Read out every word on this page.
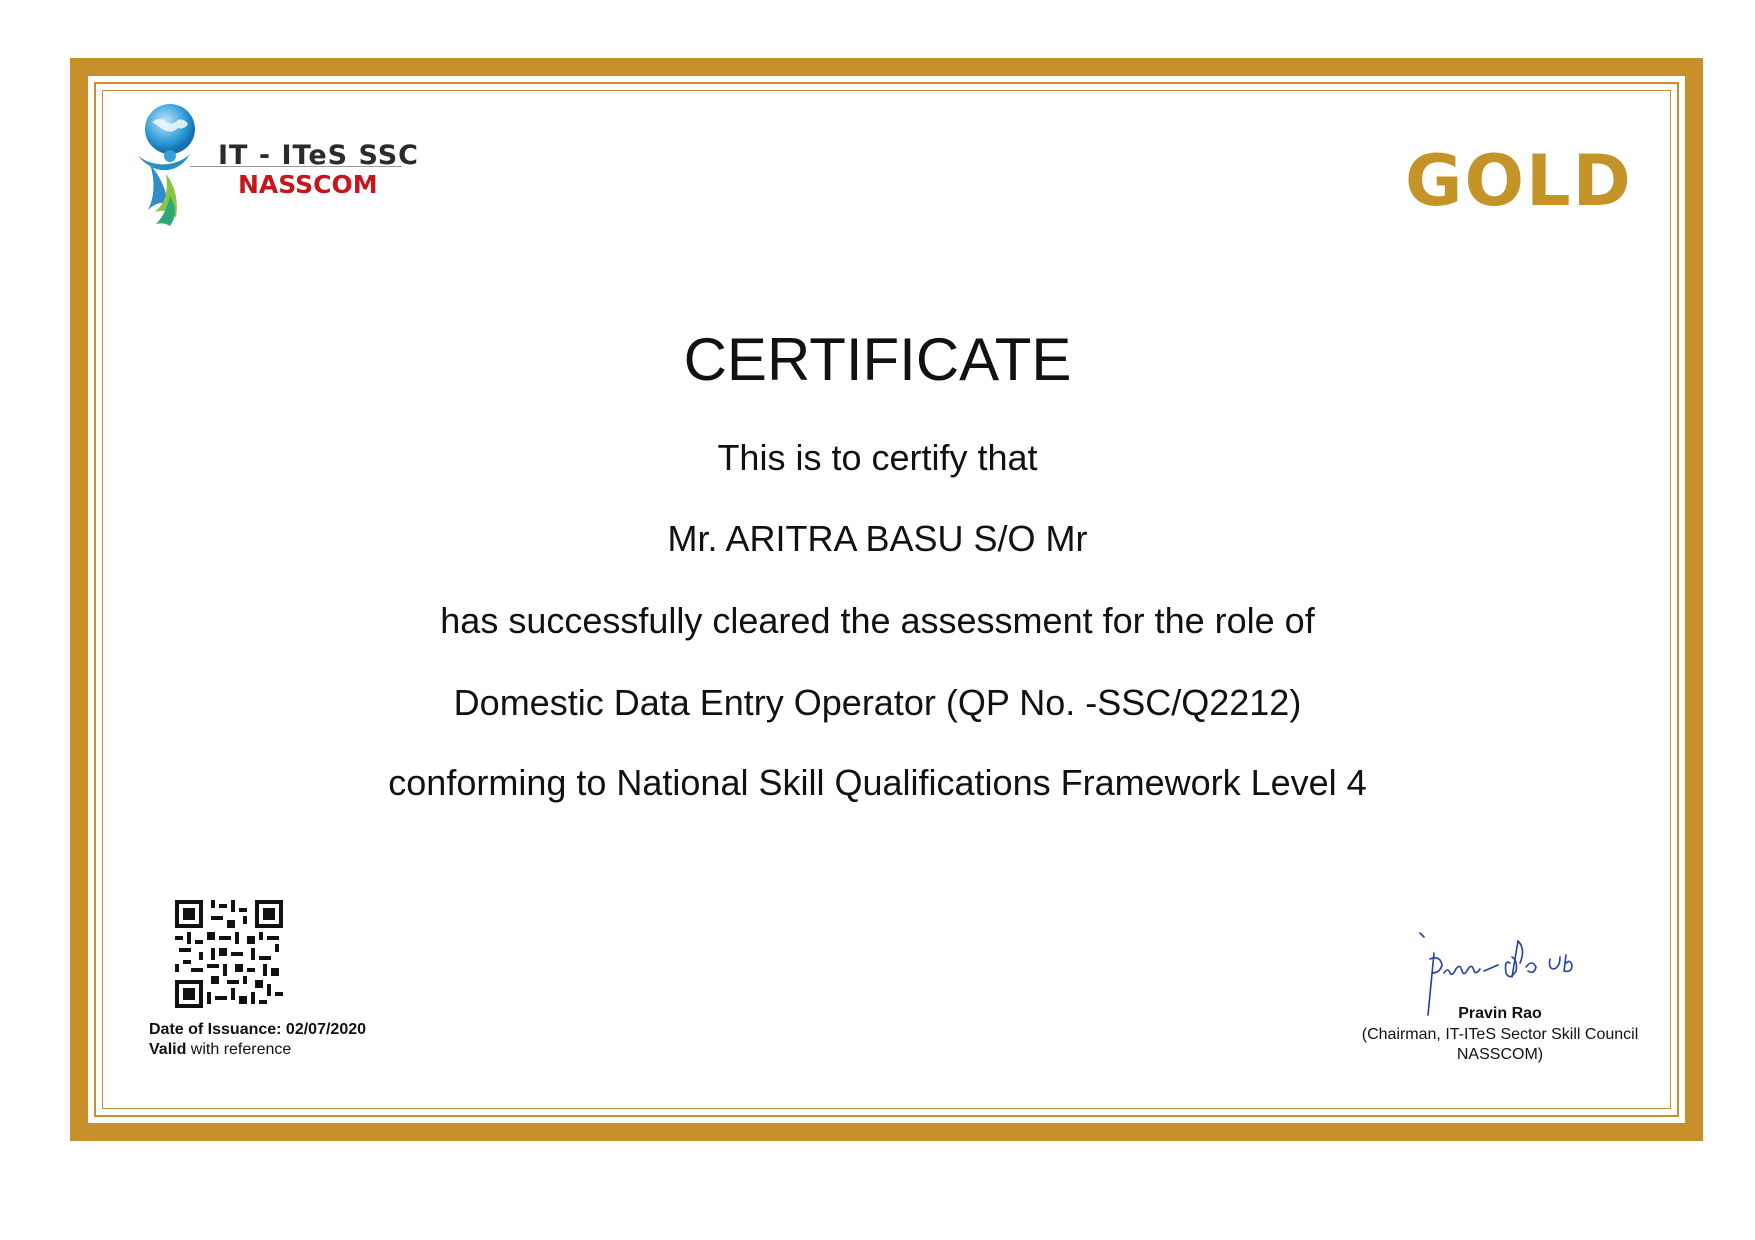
IT - ITeS SSC
NASSCOM	GOLD
CERTIFICATE
This is to certify that
Mr. ARITRA BASU S/O Mr
has successfully cleared the assessment for the role of
Domestic Data Entry Operator (QP No. -SSC/Q2212)
conforming to National Skill Qualifications Framework Level 4
Date of Issuance: 02/07/2020
Valid with reference
Pravin Rao
(Chairman, IT-ITeS Sector Skill Council
NASSCOM)
